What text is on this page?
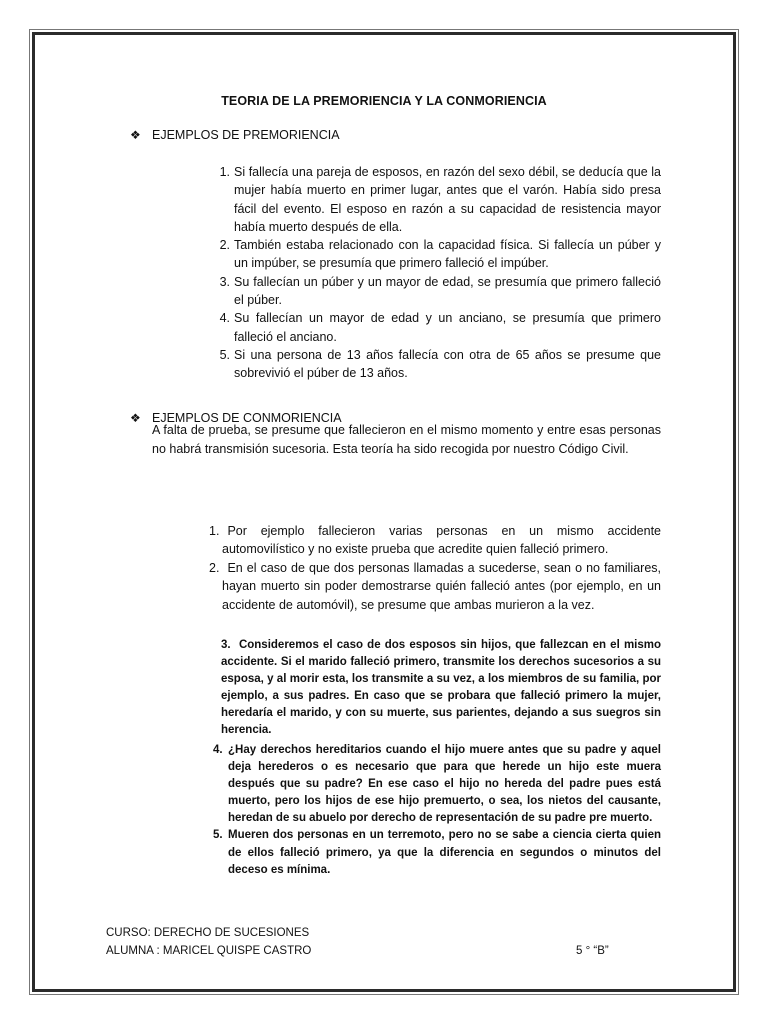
TEORIA DE LA PREMORIENCIA Y LA CONMORIENCIA
❖ EJEMPLOS DE PREMORIENCIA
1. Si fallecía una pareja de esposos, en razón del sexo débil, se deducía que la mujer había muerto en primer lugar, antes que el varón. Había sido presa fácil del evento. El esposo en razón a su capacidad de resistencia mayor había muerto después de ella.
2. También estaba relacionado con la capacidad física. Si fallecía un púber y un impúber, se presumía que primero falleció el impúber.
3. Su fallecían un púber y un mayor de edad, se presumía que primero falleció el púber.
4. Su fallecían un mayor de edad y un anciano, se presumía que primero falleció el anciano.
5. Si una persona de 13 años fallecía con otra de 65 años se presume que sobrevivió el púber de 13 años.
❖ EJEMPLOS DE CONMORIENCIA

A falta de prueba, se presume que fallecieron en el mismo momento y entre esas personas no habrá transmisión sucesoria. Esta teoría ha sido recogida por nuestro Código Civil.

1. Por ejemplo fallecieron varias personas en un mismo accidente automovilístico y no existe prueba que acredite quien falleció primero.
2. En el caso de que dos personas llamadas a sucederse, sean o no familiares, hayan muerto sin poder demostrarse quién falleció antes (por ejemplo, en un accidente de automóvil), se presume que ambas murieron a la vez.
3. Consideremos el caso de dos esposos sin hijos, que fallezcan en el mismo accidente. Si el marido falleció primero, transmite los derechos sucesorios a su esposa, y al morir esta, los transmite a su vez, a los miembros de su familia, por ejemplo, a sus padres. En caso que se probara que falleció primero la mujer, heredaría el marido, y con su muerte, sus parientes, dejando a sus suegros sin herencia.
4. ¿Hay derechos hereditarios cuando el hijo muere antes que su padre y aquel deja herederos o es necesario que para que herede un hijo este muera después que su padre? En ese caso el hijo no hereda del padre pues está muerto, pero los hijos de ese hijo premuerto, o sea, los nietos del causante, heredan de su abuelo por derecho de representación de su padre pre muerto.
5. Mueren dos personas en un terremoto, pero no se sabe a ciencia cierta quien de ellos falleció primero, ya que la diferencia en segundos o minutos del deceso es mínima.
CURSO: DERECHO DE SUCESIONES
ALUMNA : MARICEL QUISPE CASTRO	5 ° “B”
